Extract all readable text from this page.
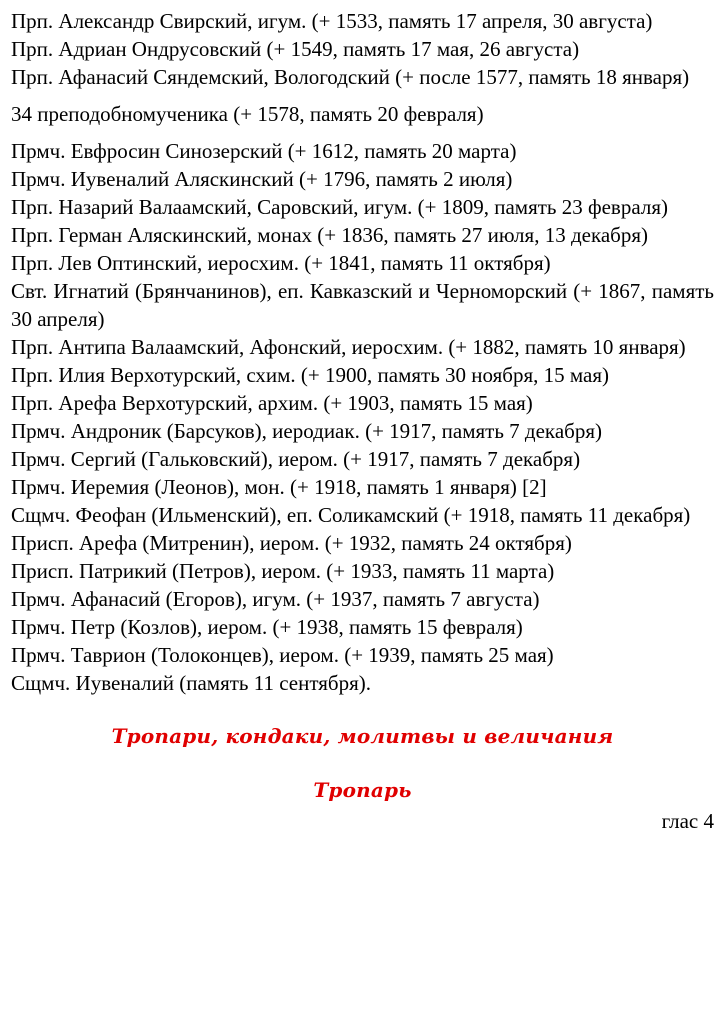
Прп. Александр Свирский, игум. (+ 1533, память 17 апреля, 30 августа)

Прп. Адриан Ондрусовский (+ 1549, память 17 мая, 26 августа)

Прп. Афанасий Сяндемский, Вологодский (+ после 1577, память 18 января)

34 преподобномученика (+ 1578, память 20 февраля)

Прмч. Евфросин Синозерский (+ 1612, память 20 марта)

Прмч. Иувеналий Аляскинский (+ 1796, память 2 июля)

Прп. Назарий Валаамский, Саровский, игум. (+ 1809, память 23 февраля)

Прп. Герман Аляскинский, монах (+ 1836, память 27 июля, 13 декабря)

Прп. Лев Оптинский, иеросхим. (+ 1841, память 11 октября)

Свт. Игнатий (Брянчанинов), еп. Кавказский и Черноморский (+ 1867, память 30 апреля)

Прп. Антипа Валаамский, Афонский, иеросхим. (+ 1882, память 10 января)

Прп. Илия Верхотурский, схим. (+ 1900, память 30 ноября, 15 мая)

Прп. Арефа Верхотурский, архим. (+ 1903, память 15 мая)

Прмч. Андроник (Барсуков), иеродиак. (+ 1917, память 7 декабря)

Прмч. Сергий (Гальковский), иером. (+ 1917, память 7 декабря)

Прмч. Иеремия (Леонов), мон. (+ 1918, память 1 января) [2]

Сщмч. Феофан (Ильменский), еп. Соликамский (+ 1918, память 11 декабря)

Присп. Арефа (Митренин), иером. (+ 1932, память 24 октября)

Присп. Патрикий (Петров), иером. (+ 1933, память 11 марта)

Прмч. Афанасий (Егоров), игум. (+ 1937, память 7 августа)

Прмч. Петр (Козлов), иером. (+ 1938, память 15 февраля)

Прмч. Таврион (Толоконцев), иером. (+ 1939, память 25 мая)

Сщмч. Иувеналий (память 11 сентября).

Тропари, кондаки, молитвы и величания
Тропарь
глас 4
